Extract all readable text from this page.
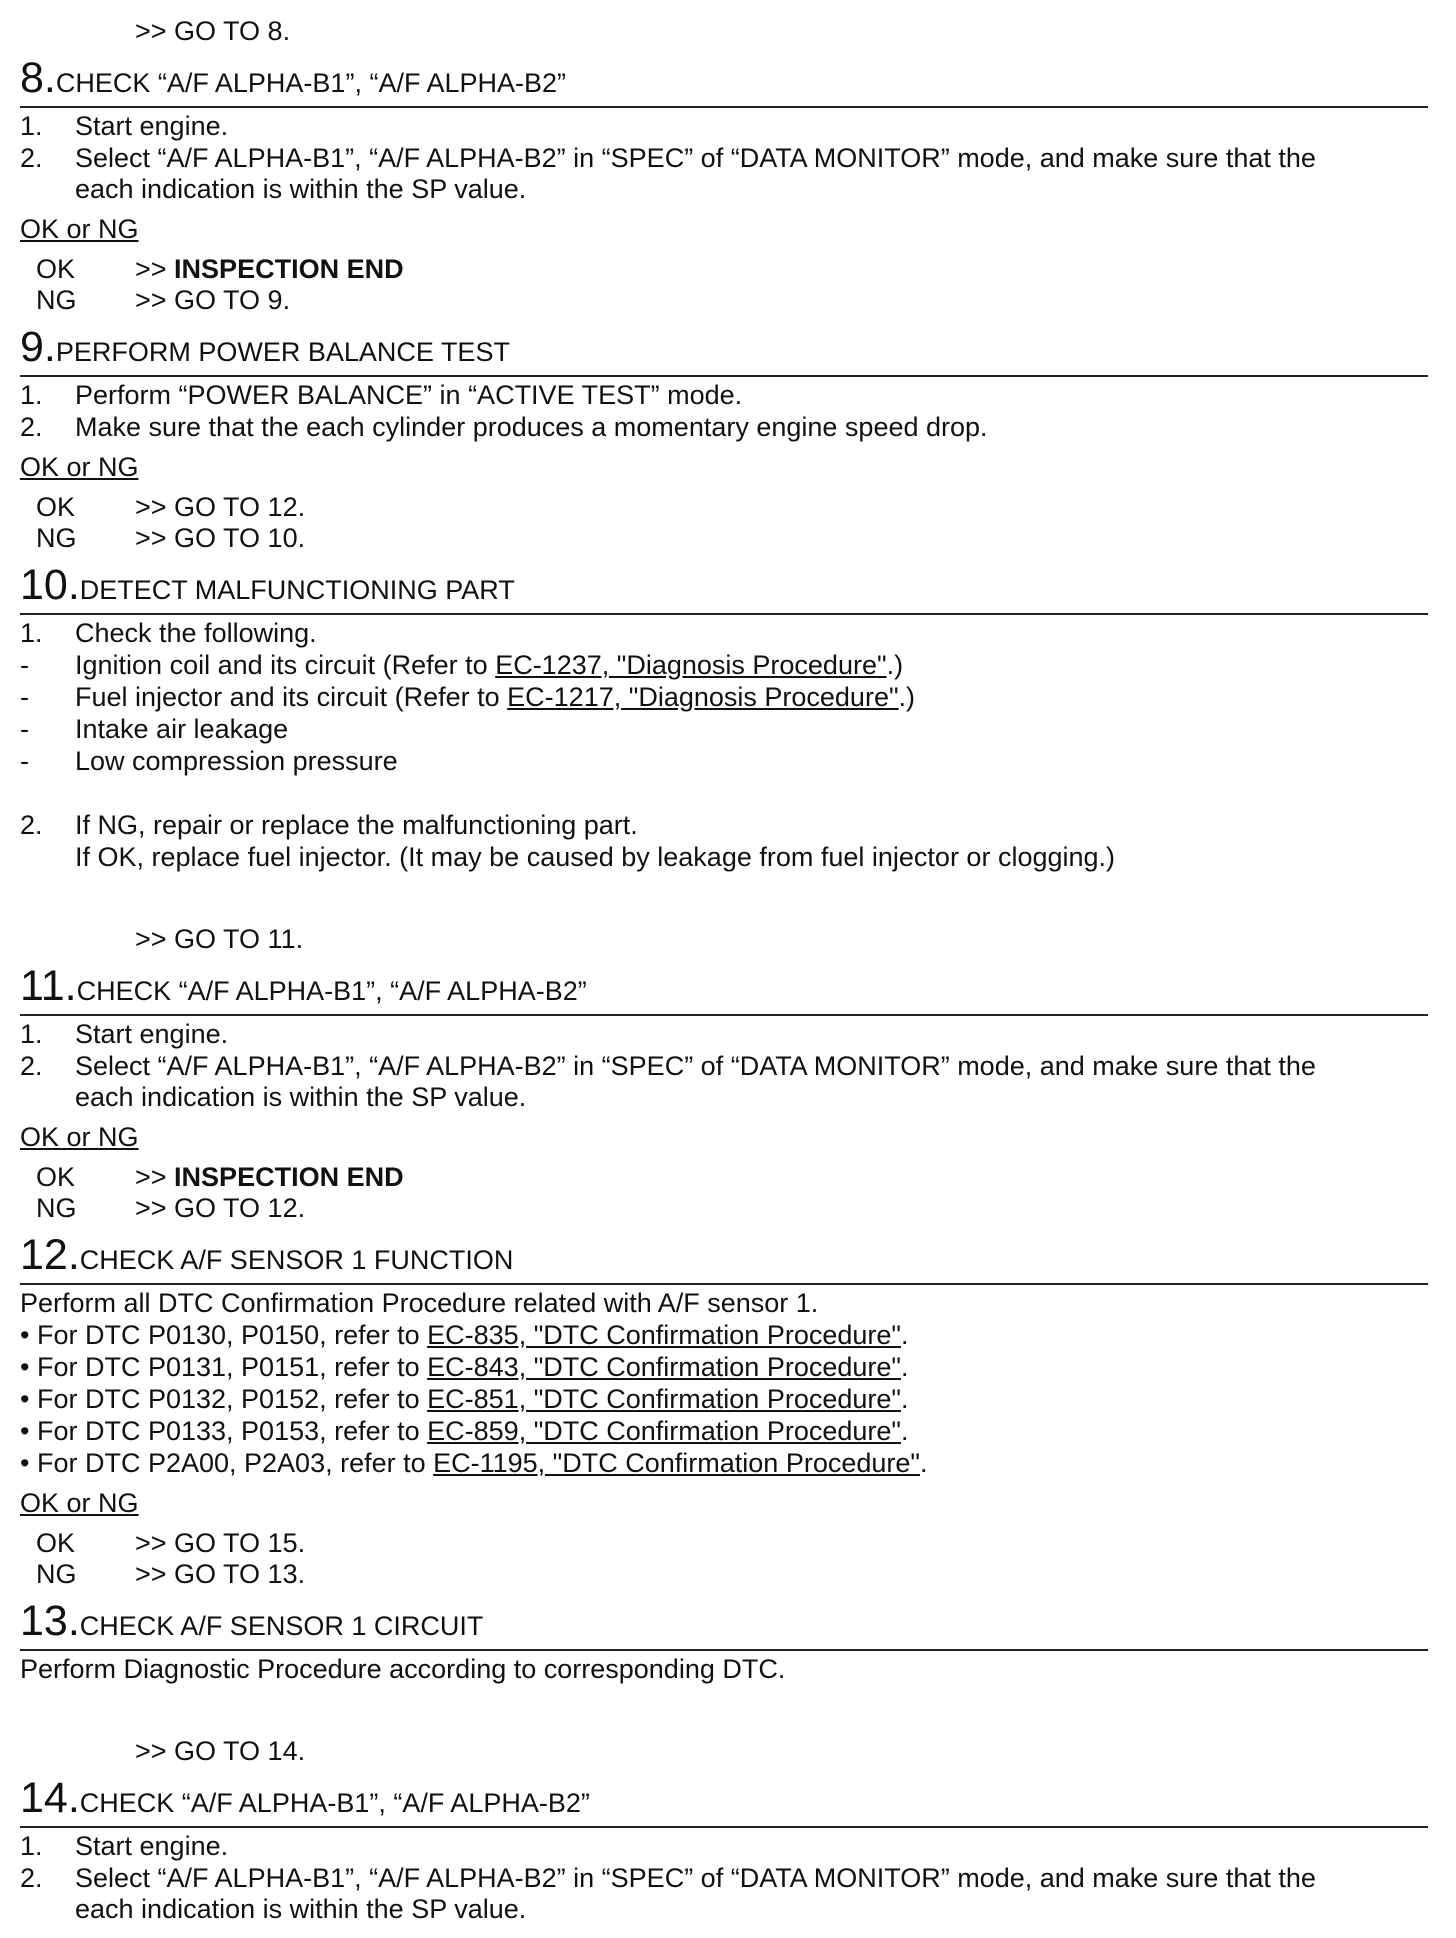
>> GO TO 8.
8.CHECK “A/F ALPHA-B1”, “A/F ALPHA-B2”
1. Start engine.
2. Select “A/F ALPHA-B1”, “A/F ALPHA-B2” in “SPEC” of “DATA MONITOR” mode, and make sure that the
each indication is within the SP value.
OK or NG
OK >> INSPECTION END
NG >> GO TO 9.
9.PERFORM POWER BALANCE TEST
1. Perform “POWER BALANCE” in “ACTIVE TEST” mode.
2. Make sure that the each cylinder produces a momentary engine speed drop.
OK or NG
OK >> GO TO 12.
NG >> GO TO 10.
10.DETECT MALFUNCTIONING PART
1. Check the following.
- Ignition coil and its circuit (Refer to EC-1237, "Diagnosis Procedure".)
- Fuel injector and its circuit (Refer to EC-1217, "Diagnosis Procedure".)
- Intake air leakage
- Low compression pressure
2. If NG, repair or replace the malfunctioning part.
If OK, replace fuel injector. (It may be caused by leakage from fuel injector or clogging.)
>> GO TO 11.
11.CHECK “A/F ALPHA-B1”, “A/F ALPHA-B2”
1. Start engine.
2. Select “A/F ALPHA-B1”, “A/F ALPHA-B2” in “SPEC” of “DATA MONITOR” mode, and make sure that the
each indication is within the SP value.
OK or NG
OK >> INSPECTION END
NG >> GO TO 12.
12.CHECK A/F SENSOR 1 FUNCTION
Perform all DTC Confirmation Procedure related with A/F sensor 1.
• For DTC P0130, P0150, refer to EC-835, "DTC Confirmation Procedure".
• For DTC P0131, P0151, refer to EC-843, "DTC Confirmation Procedure".
• For DTC P0132, P0152, refer to EC-851, "DTC Confirmation Procedure".
• For DTC P0133, P0153, refer to EC-859, "DTC Confirmation Procedure".
• For DTC P2A00, P2A03, refer to EC-1195, "DTC Confirmation Procedure".
OK or NG
OK >> GO TO 15.
NG >> GO TO 13.
13.CHECK A/F SENSOR 1 CIRCUIT
Perform Diagnostic Procedure according to corresponding DTC.
>> GO TO 14.
14.CHECK “A/F ALPHA-B1”, “A/F ALPHA-B2”
1. Start engine.
2. Select “A/F ALPHA-B1”, “A/F ALPHA-B2” in “SPEC” of “DATA MONITOR” mode, and make sure that the
each indication is within the SP value.
